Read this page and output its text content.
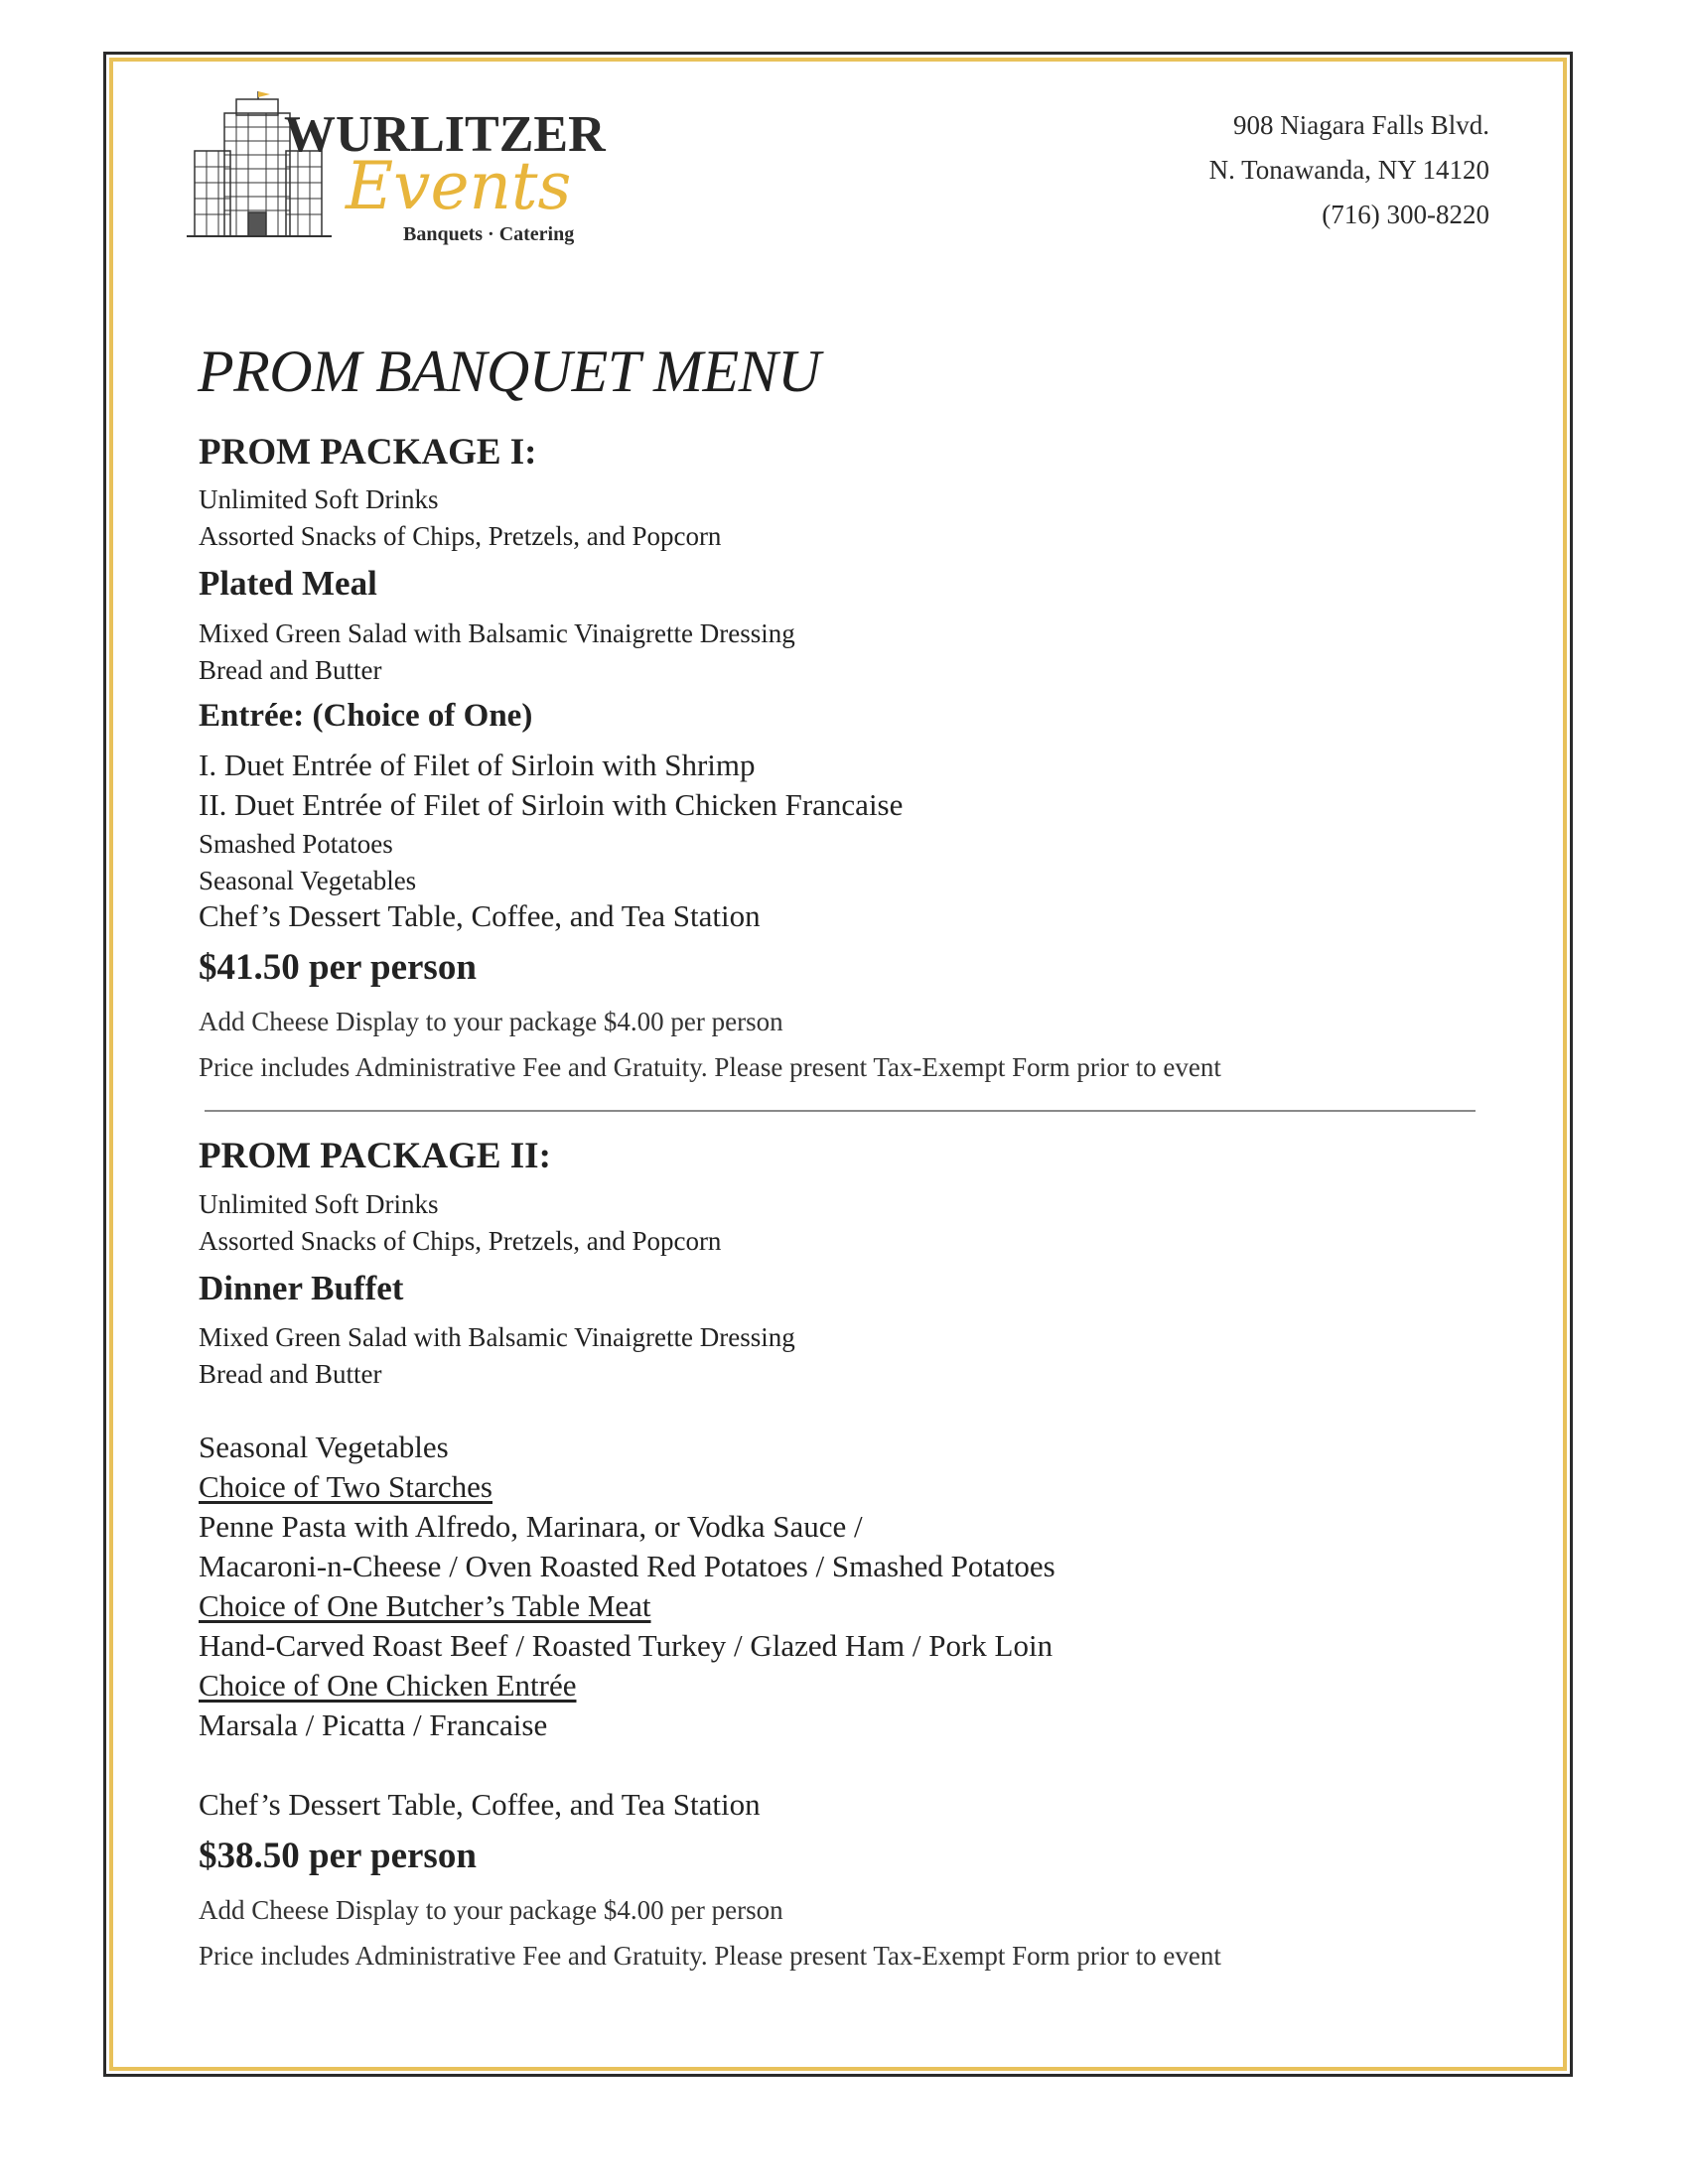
WURLITZER
Events
Banquets · Catering
908 Niagara Falls Blvd.
N. Tonawanda, NY 14120
(716) 300-8220
PROM BANQUET MENU
PROM PACKAGE I:
Unlimited Soft Drinks
Assorted Snacks of Chips, Pretzels, and Popcorn
Plated Meal
Mixed Green Salad with Balsamic Vinaigrette Dressing
Bread and Butter
Entrée: (Choice of One)
I. Duet Entrée of Filet of Sirloin with Shrimp
II. Duet Entrée of Filet of Sirloin with Chicken Francaise
Smashed Potatoes
Seasonal Vegetables
Chef’s Dessert Table, Coffee, and Tea Station
$41.50 per person
Add Cheese Display to your package $4.00 per person
Price includes Administrative Fee and Gratuity. Please present Tax-Exempt Form prior to event
PROM PACKAGE II:
Unlimited Soft Drinks
Assorted Snacks of Chips, Pretzels, and Popcorn
Dinner Buffet
Mixed Green Salad with Balsamic Vinaigrette Dressing
Bread and Butter
Seasonal Vegetables
Choice of Two Starches
Penne Pasta with Alfredo, Marinara, or Vodka Sauce /
Macaroni-n-Cheese / Oven Roasted Red Potatoes / Smashed Potatoes
Choice of One Butcher’s Table Meat
Hand-Carved Roast Beef / Roasted Turkey / Glazed Ham / Pork Loin
Choice of One Chicken Entrée
Marsala / Picatta / Francaise
Chef’s Dessert Table, Coffee, and Tea Station
$38.50 per person
Add Cheese Display to your package $4.00 per person
Price includes Administrative Fee and Gratuity. Please present Tax-Exempt Form prior to event
